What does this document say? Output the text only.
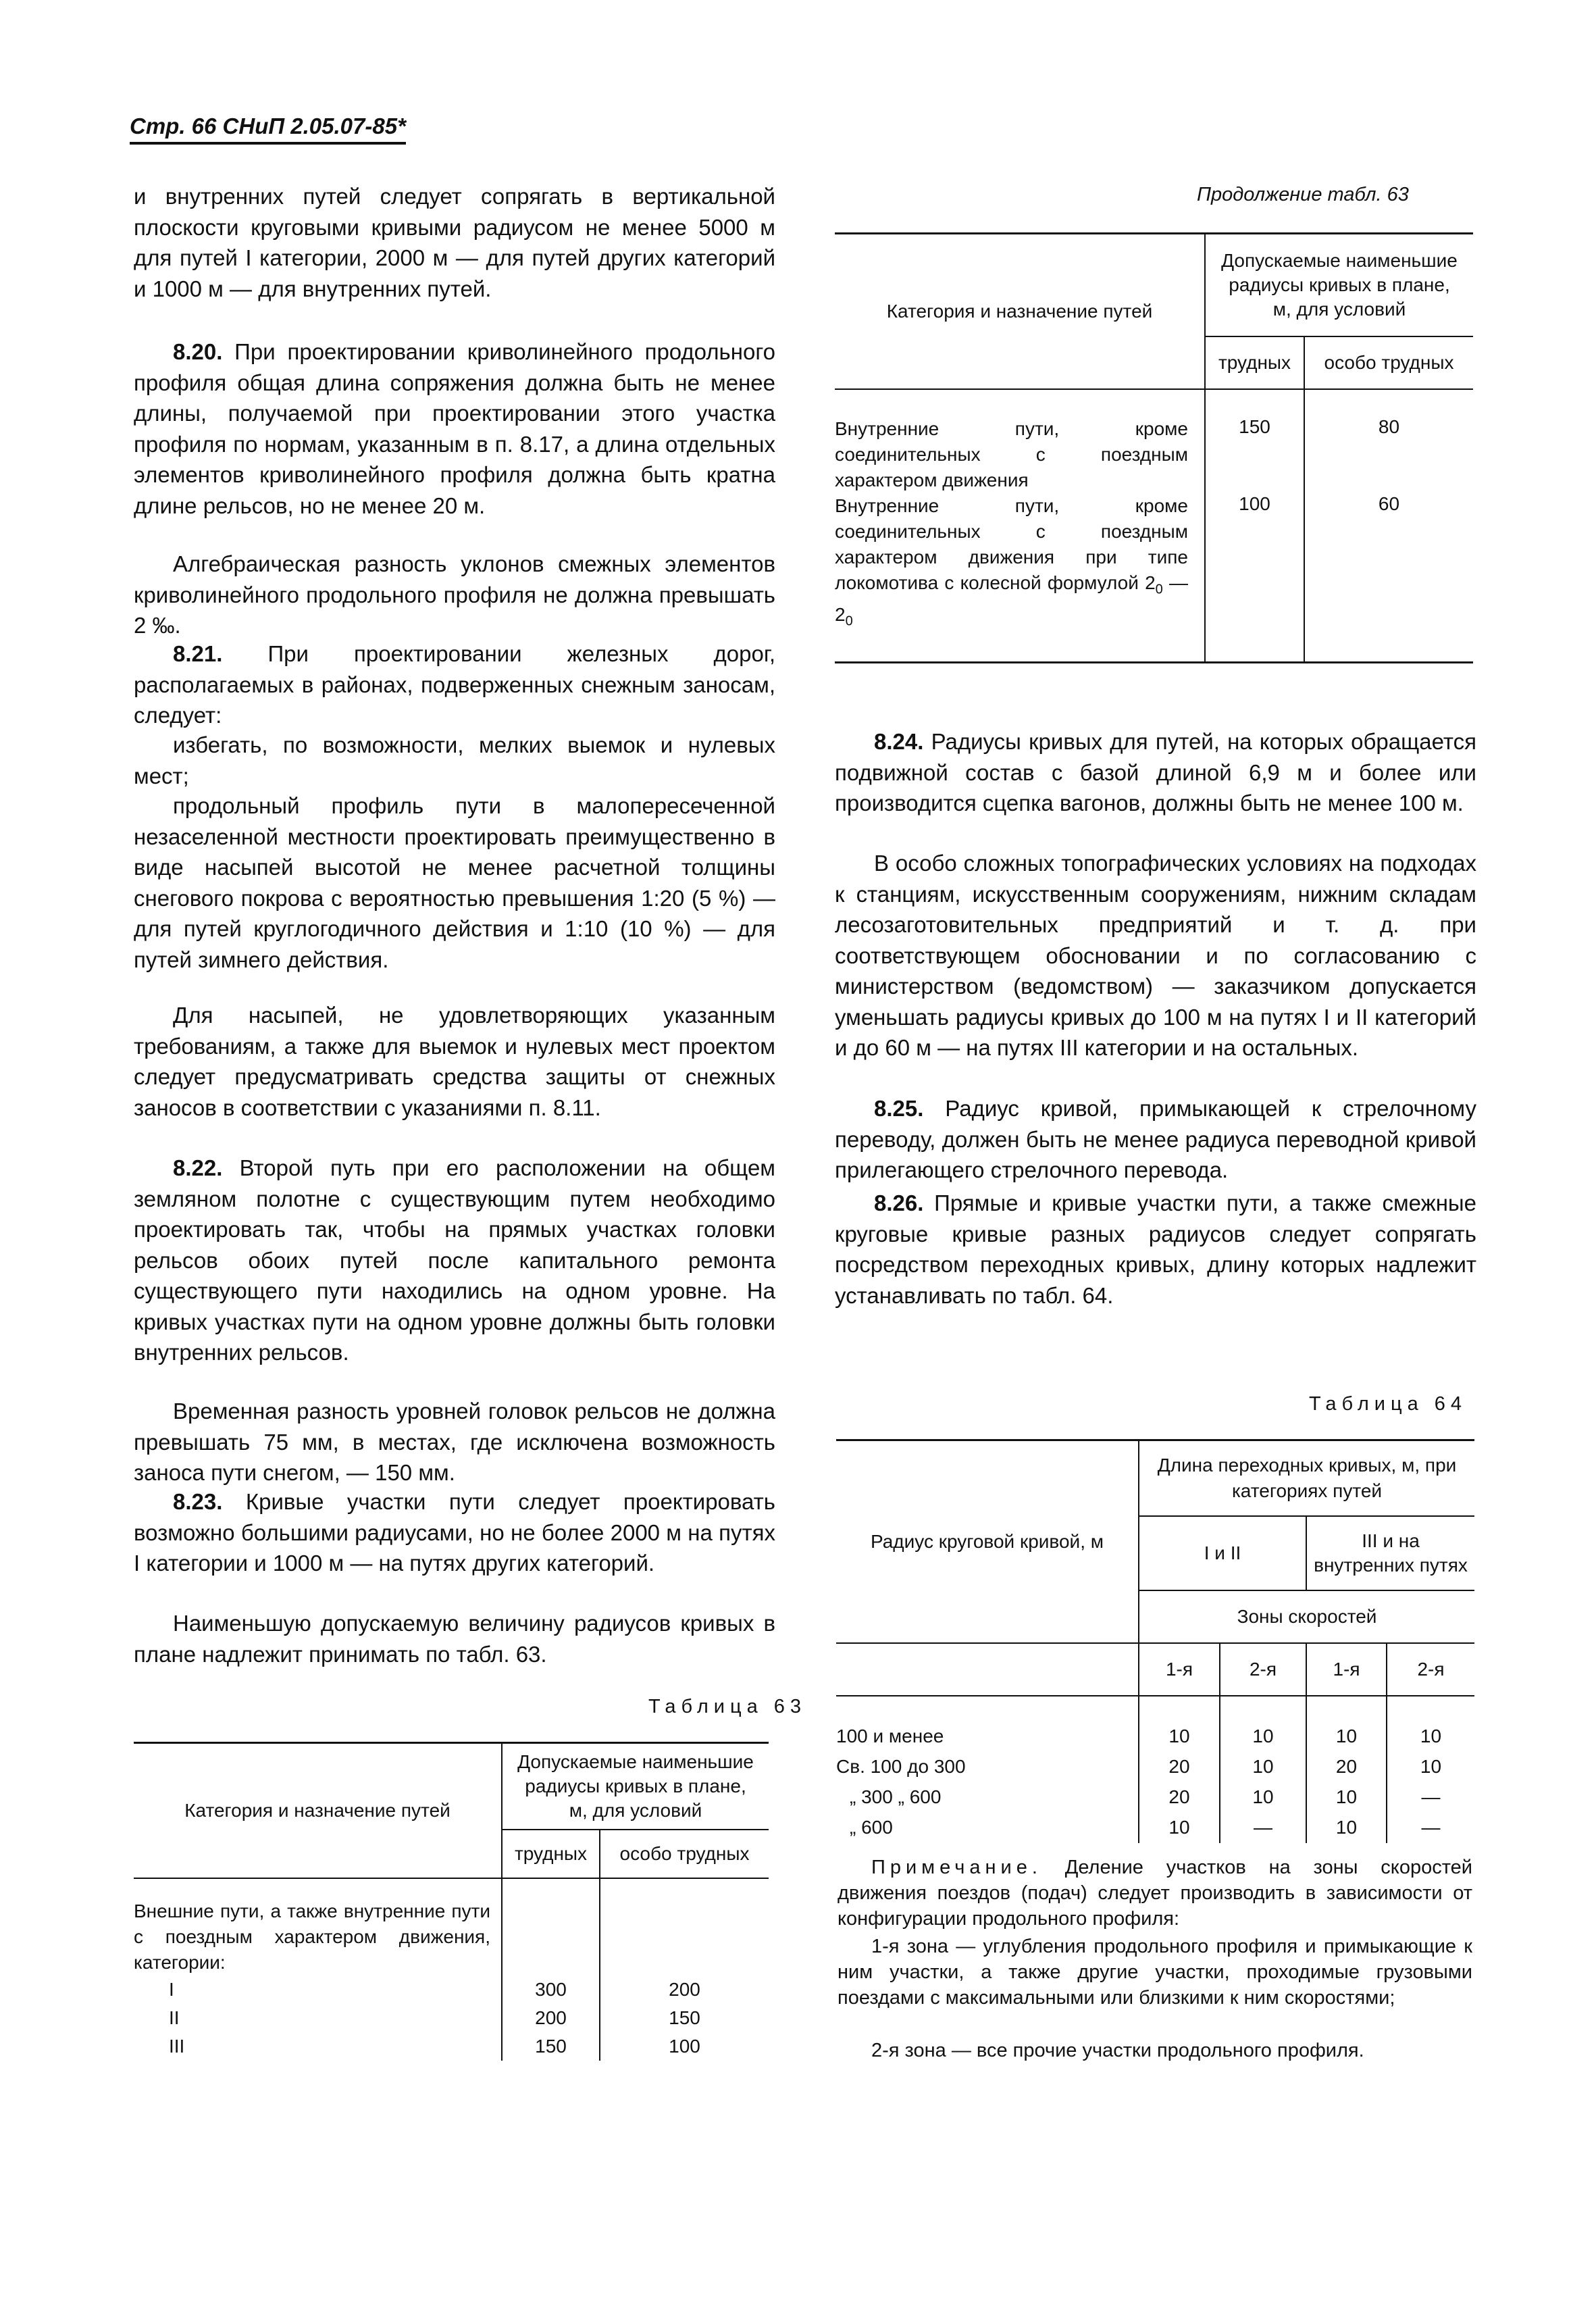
Стр. 66 СНиП 2.05.07-85*

и внутренних путей следует сопрягать в вертикальной плоскости круговыми кривыми радиусом не менее 5000 м для путей I категории, 2000 м — для путей других категорий и 1000 м — для внутренних путей.

8.20. При проектировании криволинейного продольного профиля общая длина сопряжения должна быть не менее длины, получаемой при проектировании этого участка профиля по нормам, указанным в п. 8.17, а длина отдельных элементов криволинейного профиля должна быть кратна длине рельсов, но не менее 20 м.

Алгебраическая разность уклонов смежных элементов криволинейного продольного профиля не должна превышать 2 ‰.

8.21. При проектировании железных дорог, располагаемых в районах, подверженных снежным заносам, следует:

избегать, по возможности, мелких выемок и нулевых мест;

продольный профиль пути в малопересеченной незаселенной местности проектировать преимущественно в виде насыпей высотой не менее расчетной толщины снегового покрова с вероятностью превышения 1:20 (5 %) — для путей круглогодичного действия и 1:10 (10 %) — для путей зимнего действия.

Для насыпей, не удовлетворяющих указанным требованиям, а также для выемок и нулевых мест проектом следует предусматривать средства защиты от снежных заносов в соответствии с указаниями п. 8.11.

8.22. Второй путь при его расположении на общем земляном полотне с существующим путем необходимо проектировать так, чтобы на прямых участках головки рельсов обоих путей после капитального ремонта существующего пути находились на одном уровне. На кривых участках пути на одном уровне должны быть головки внутренних рельсов.

Временная разность уровней головок рельсов не должна превышать 75 мм, в местах, где исключена возможность заноса пути снегом, — 150 мм.

8.23. Кривые участки пути следует проектировать возможно большими радиусами, но не более 2000 м на путях I категории и 1000 м — на путях других категорий.

Наименьшую допускаемую величину радиусов кривых в плане надлежит принимать по табл. 63.

Таблица 63
Категория и назначение путей	Допускаемые наименьшие радиусы кривых в плане, м, для условий	
	трудных	особо трудных

Внешние пути, а также внутренние пути с поездным характером движения, категории:		
I	300	200
II	200	150
III	150	100
Продолжение табл. 63
Категория и назначение путей	Допускаемые наименьшие радиусы кривых в плане, м, для условий	
	трудных	особо трудных

Внутренние пути, кроме соединительных с поездным характером движения	150	80
Внутренние пути, кроме соединительных с поездным характером движения при типе локомотива с колесной формулой $2_0$ — $2_0$	100	60

8.24. Радиусы кривых для путей, на которых обращается подвижной состав с базой длиной 6,9 м и более или производится сцепка вагонов, должны быть не менее 100 м.

В особо сложных топографических условиях на подходах к станциям, искусственным сооружениям, нижним складам лесозаготовительных предприятий и т. д. при соответствующем обосновании и по согласованию с министерством (ведомством) — заказчиком допускается уменьшать радиусы кривых до 100 м на путях I и II категорий и до 60 м — на путях III категории и на остальных.

8.25. Радиус кривой, примыкающей к стрелочному переводу, должен быть не менее радиуса переводной кривой прилегающего стрелочного перевода.

8.26. Прямые и кривые участки пути, а также смежные круговые кривые разных радиусов следует сопрягать посредством переходных кривых, длину которых надлежит устанавливать по табл. 64.

Таблица 64
Радиус круговой кривой, м	Длина переходных кривых, м, при категориях путей			
	I и II		III и на внутренних путях	
	Зоны скоростей			
	1-я	2-я	1-я	2-я

100 и менее	10	10	10	10
Св. 100 до 300	20	10	20	10
„ 300 „ 600	20	10	10	—
„ 600	10	—	10	—
Примечание. Деление участков на зоны скоростей движения поездов (подач) следует производить в зависимости от конфигурации продольного профиля:
1-я зона — углубления продольного профиля и примыкающие к ним участки, а также другие участки, проходимые грузовыми поездами с максимальными или близкими к ним скоростями;
2-я зона — все прочие участки продольного профиля.
